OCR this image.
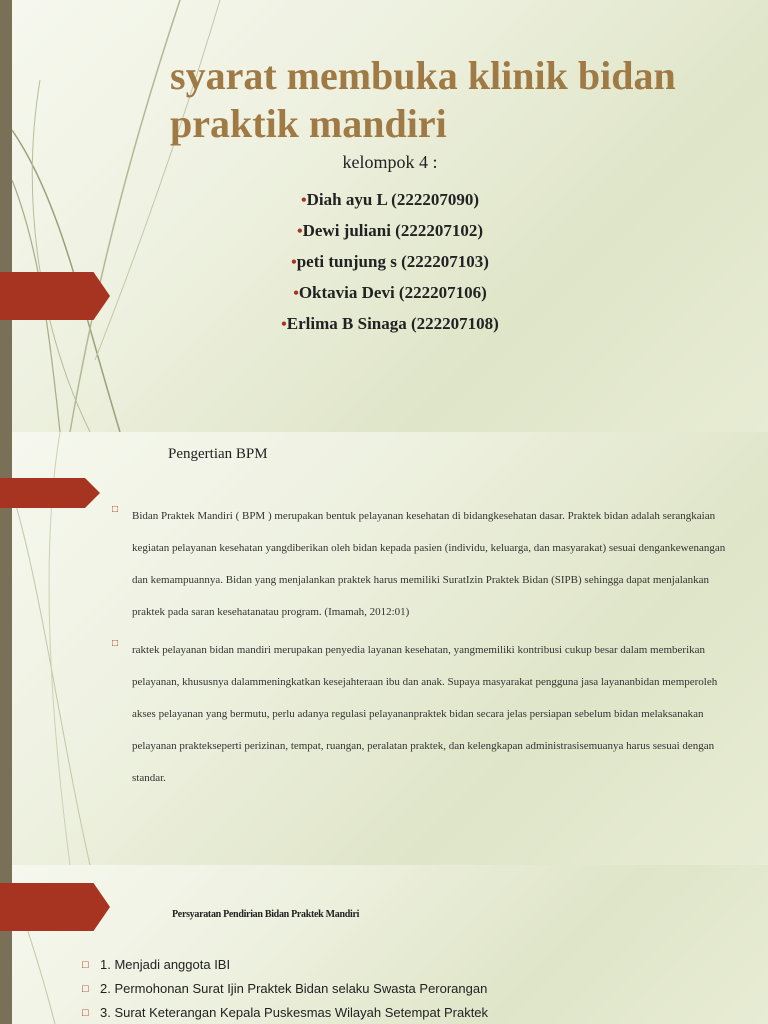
syarat membuka klinik bidan praktik mandiri
kelompok 4 :
•Diah ayu L (222207090)
•Dewi juliani (222207102)
•peti tunjung s (222207103)
•Oktavia Devi (222207106)
•Erlima B Sinaga (222207108)
Pengertian BPM
□
Bidan Praktek Mandiri ( BPM ) merupakan bentuk pelayanan kesehatan di bidangkesehatan dasar. Praktek bidan adalah serangkaian kegiatan pelayanan kesehatan yangdiberikan oleh bidan kepada pasien (individu, keluarga, dan masyarakat) sesuai dengankewenangan dan kemampuannya. Bidan yang menjalankan praktek harus memiliki SuratIzin Praktek Bidan (SIPB) sehingga dapat menjalankan praktek pada saran kesehatanatau program. (Imamah, 2012:01)
□
raktek pelayanan bidan mandiri merupakan penyedia layanan kesehatan, yangmemiliki kontribusi cukup besar dalam memberikan pelayanan, khususnya dalammeningkatkan kesejahteraan ibu dan anak. Supaya masyarakat pengguna jasa layananbidan memperoleh akses pelayanan yang bermutu, perlu adanya regulasi pelayananpraktek bidan secara jelas persiapan sebelum bidan melaksanakan pelayanan praktekseperti perizinan, tempat, ruangan, peralatan praktek, dan kelengkapan administrasisemuanya harus sesuai dengan standar.
Persyaratan Pendirian Bidan Praktek Mandiri
□ 1. Menjadi anggota IBI
□ 2. Permohonan Surat Ijin Praktek Bidan selaku Swasta Perorangan
□ 3. Surat Keterangan Kepala Puskesmas Wilayah Setempat Praktek
